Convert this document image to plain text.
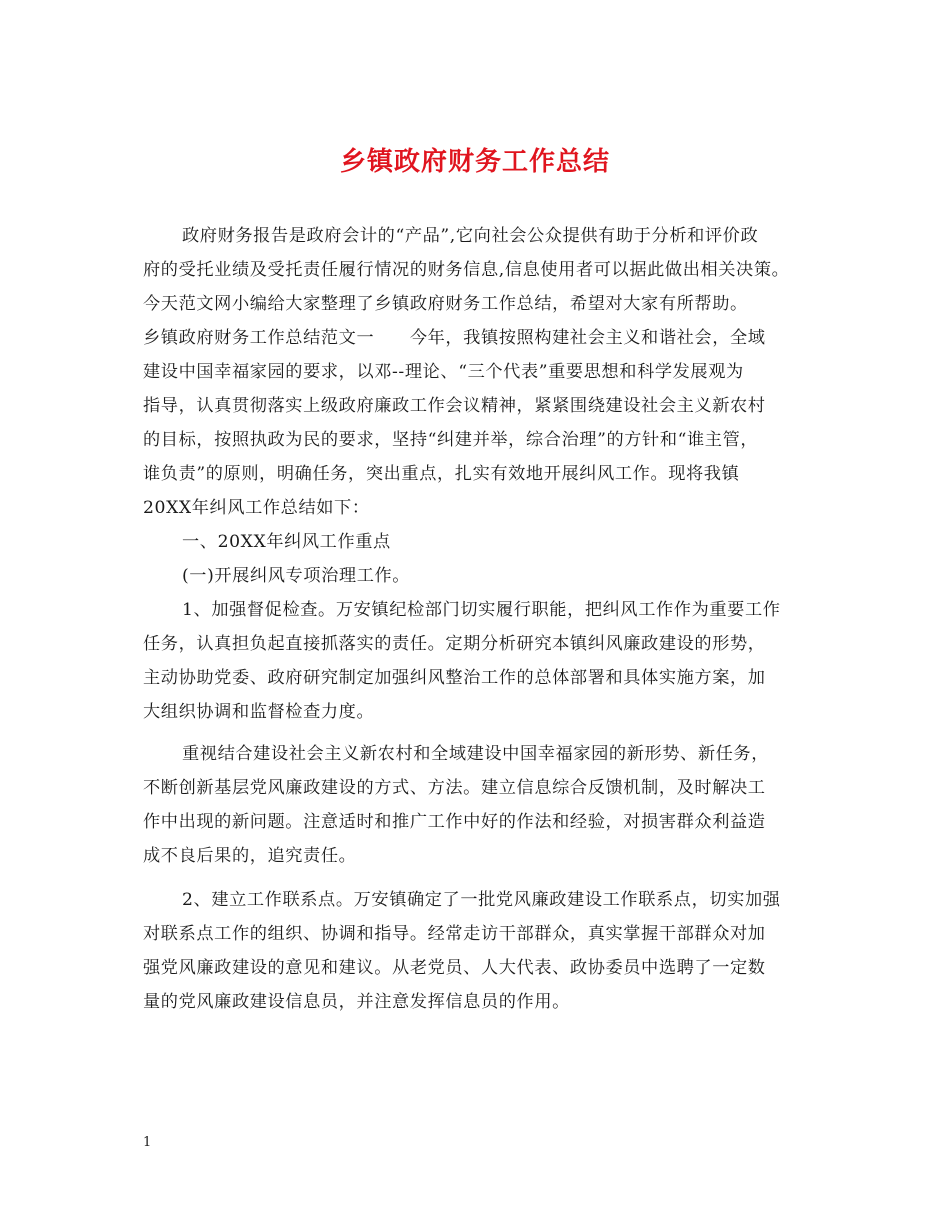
乡镇政府财务工作总结
政府财务报告是政府会计的“产品”,它向社会公众提供有助于分析和评价政
府的受托业绩及受托责任履行情况的财务信息,信息使用者可以据此做出相关决策。
今天范文网小编给大家整理了乡镇政府财务工作总结，希望对大家有所帮助。
乡镇政府财务工作总结范文一　　今年，我镇按照构建社会主义和谐社会，全域
建设中国幸福家园的要求，以邓--理论、“三个代表”重要思想和科学发展观为
指导，认真贯彻落实上级政府廉政工作会议精神，紧紧围绕建设社会主义新农村
的目标，按照执政为民的要求，坚持“纠建并举，综合治理”的方针和“谁主管，
谁负责”的原则，明确任务，突出重点，扎实有效地开展纠风工作。现将我镇
20XX年纠风工作总结如下：
一、20XX年纠风工作重点
(一)开展纠风专项治理工作。
1、加强督促检查。万安镇纪检部门切实履行职能，把纠风工作作为重要工作
任务，认真担负起直接抓落实的责任。定期分析研究本镇纠风廉政建设的形势，
主动协助党委、政府研究制定加强纠风整治工作的总体部署和具体实施方案，加
大组织协调和监督检查力度。
重视结合建设社会主义新农村和全域建设中国幸福家园的新形势、新任务，
不断创新基层党风廉政建设的方式、方法。建立信息综合反馈机制，及时解决工
作中出现的新问题。注意适时和推广工作中好的作法和经验，对损害群众利益造
成不良后果的，追究责任。
2、建立工作联系点。万安镇确定了一批党风廉政建设工作联系点，切实加强
对联系点工作的组织、协调和指导。经常走访干部群众，真实掌握干部群众对加
强党风廉政建设的意见和建议。从老党员、人大代表、政协委员中选聘了一定数
量的党风廉政建设信息员，并注意发挥信息员的作用。
1
